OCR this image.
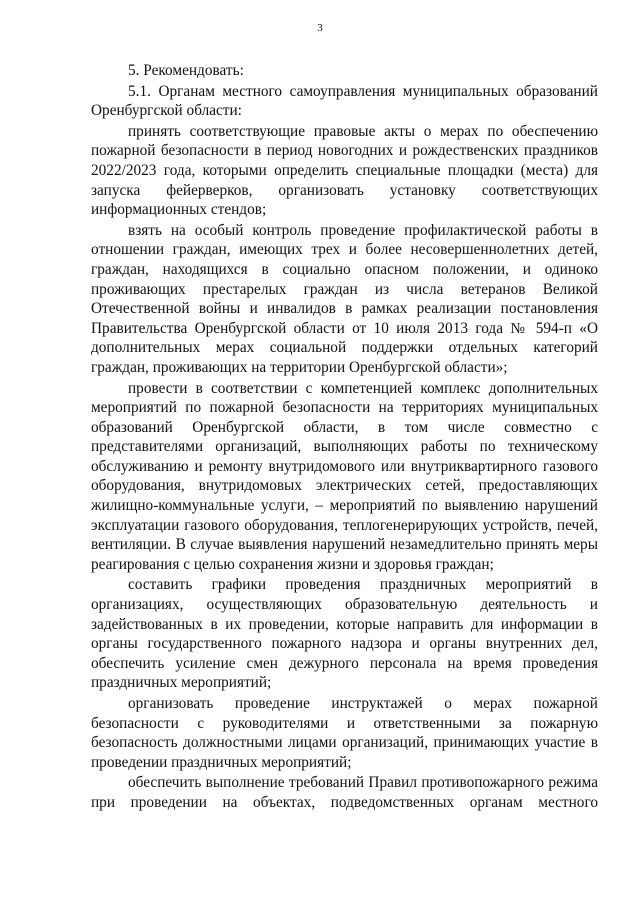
3

5. Рекомендовать:

5.1. Органам местного самоуправления муниципальных образований Оренбургской области:

принять соответствующие правовые акты о мерах по обеспечению пожарной безопасности в период новогодних и рождественских праздников 2022/2023 года, которыми определить специальные площадки (места) для запуска фейерверков, организовать установку соответствующих информационных стендов;

взять на особый контроль проведение профилактической работы в отношении граждан, имеющих трех и более несовершеннолетних детей, граждан, находящихся в социально опасном положении, и одиноко проживающих престарелых граждан из числа ветеранов Великой Отечественной войны и инвалидов в рамках реализации постановления Правительства Оренбургской области от 10 июля 2013 года № 594-п «О дополнительных мерах социальной поддержки отдельных категорий граждан, проживающих на территории Оренбургской области»;

провести в соответствии с компетенцией комплекс дополнительных мероприятий по пожарной безопасности на территориях муниципальных образований Оренбургской области, в том числе совместно с представителями организаций, выполняющих работы по техническому обслуживанию и ремонту внутридомового или внутриквартирного газового оборудования, внутридомовых электрических сетей, предоставляющих жилищно-коммунальные услуги, – мероприятий по выявлению нарушений эксплуатации газового оборудования, теплогенерирующих устройств, печей, вентиляции. В случае выявления нарушений незамедлительно принять меры реагирования с целью сохранения жизни и здоровья граждан;

составить графики проведения праздничных мероприятий в организациях, осуществляющих образовательную деятельность и задействованных в их проведении, которые направить для информации в органы государственного пожарного надзора и органы внутренних дел, обеспечить усиление смен дежурного персонала на время проведения праздничных мероприятий;

организовать проведение инструктажей о мерах пожарной безопасности с руководителями и ответственными за пожарную безопасность должностными лицами организаций, принимающих участие в проведении праздничных мероприятий;

обеспечить выполнение требований Правил противопожарного режима при проведении на объектах, подведомственных органам местного
